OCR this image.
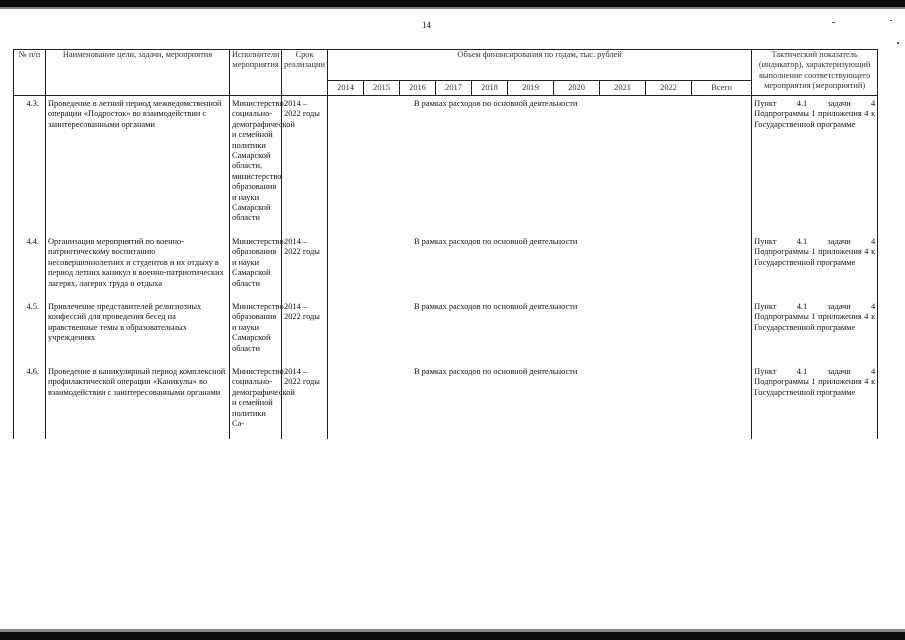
14
№ п/п	Наименование цели, задачи, мероприятия	Исполнители мероприятия	Срок реализации	Объем финансирования по годам, тыс. рублей										Тактический показатель (индикатор), характеризующий выполнение соответствующего мероприятия (мероприятий)
				2014	2015	2016	2017	2018	2019	2020	2021	2022	Всего	
4.3.	Проведение в летний период межведомственной операции «Подросток» во взаимодействии с заинтересованными органами	Министерство социально-демографической и семейной политики Самарской области, министерство образования и науки Самарской области	2014 – 2022 годы	В рамках расходов по основной деятельности										Пункт 4.1 задачи 4 Подпрограммы 1 приложения 4 к Государственной программе
4.4.	Организация мероприятий по военно-патриотическому воспитанию несовершеннолетних и студентов и их отдыху в период летних каникул в военно-патриотических лагерях, лагерях труда и отдыха	Министерство образования и науки Самарской области	2014 – 2022 годы	В рамках расходов по основной деятельности										Пункт 4.1 задачи 4 Подпрограммы 1 приложения 4 к Государственной программе
4.5.	Привлечение представителей религиозных конфессий для проведения бесед на нравственные темы в образовательных учреждениях	Министерство образования и науки Самарской области	2014 – 2022 годы	В рамках расходов по основной деятельности										Пункт 4.1 задачи 4 Подпрограммы 1 приложения 4 к Государственной программе
4.6.	Проведение в каникулярный период комплексной профилактической операции «Каникулы» во взаимодействии с заинтересованными органами	Министерство социально-демографической и семейной политики Са-	2014 – 2022 годы	В рамках расходов по основной деятельности										Пункт 4.1 задачи 4 Подпрограммы 1 приложения 4 к Государственной программе
